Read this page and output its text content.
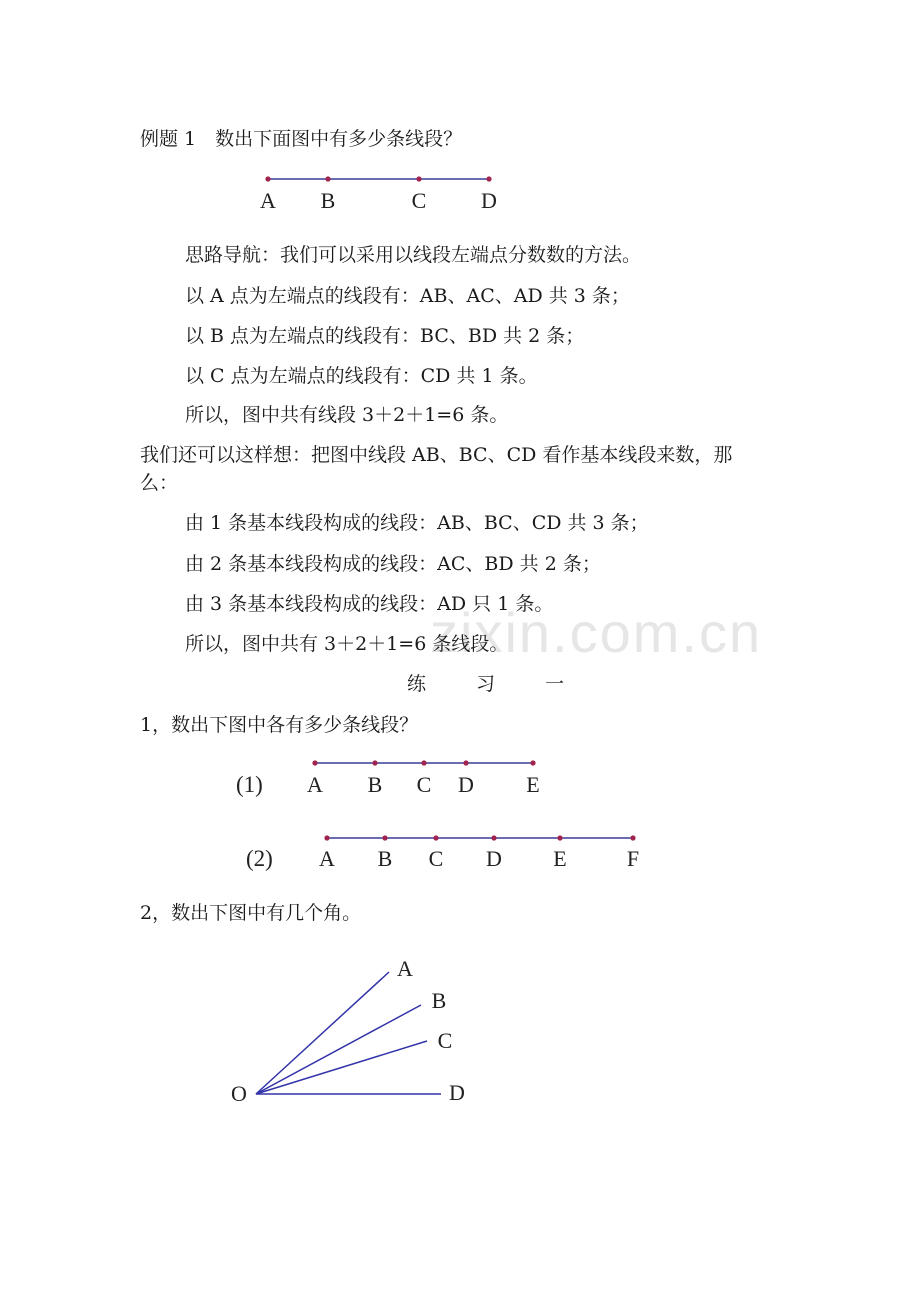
zixin.com.cn
例题 1　数出下面图中有多少条线段？
思路导航：我们可以采用以线段左端点分数数的方法。
以 A 点为左端点的线段有：AB、AC、AD 共 3 条；
以 B 点为左端点的线段有：BC、BD 共 2 条；
以 C 点为左端点的线段有：CD 共 1 条。
所以，图中共有线段 3＋2＋1=6 条。
我们还可以这样想：把图中线段 AB、BC、CD 看作基本线段来数，那
么：
由 1 条基本线段构成的线段：AB、BC、CD 共 3 条；
由 2 条基本线段构成的线段：AC、BD 共 2 条；
由 3 条基本线段构成的线段：AD 只 1 条。
所以，图中共有 3＋2＋1=6 条线段。
练 习 一
1，数出下图中各有多少条线段？
2，数出下图中有几个角。
A B	C D
A B C D E
(1)
A B C D E	F
(2)
A
B
C
D
O
